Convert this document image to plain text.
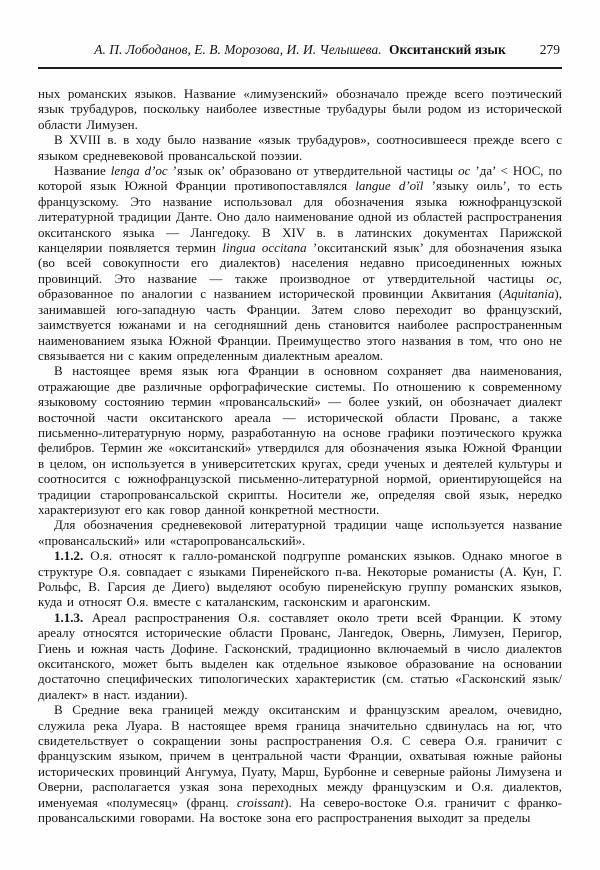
А. П. Лободанов, Е. В. Морозова, И. И. Челышева. Окситанский язык	279

ных романских языков. Название «лимузенский» обозначало прежде всего поэтический язык трубадуров, поскольку наиболее известные трубадуры были родом из исторической области Лимузен.

В XVIII в. в ходу было название «язык трубадуров», соотносившееся прежде всего с языком средневековой провансальской поэзии.

Название lenga d’oc ’язык ок’ образовано от утвердительной частицы oc ’да’ < HOC, по которой язык Южной Франции противопоставлялся langue d’oïl ’языку оиль’, то есть французскому. Это название использовал для обозначения языка южнофранцузской литературной традиции Данте. Оно дало наименование одной из областей распространения окситанского языка — Лангедоку. В XIV в. в латинских документах Парижской канцелярии появляется термин lingua occitana ’окситанский язык’ для обозначения языка (во всей совокупности его диалектов) населения недавно присоединенных южных провинций. Это название — также производное от утвердительной частицы oc, образованное по аналогии с названием исторической провинции Аквитания (Aquitania), занимавшей юго-западную часть Франции. Затем слово переходит во французский, заимствуется южанами и на сегодняшний день становится наиболее распространенным наименованием языка Южной Франции. Преимущество этого названия в том, что оно не связывается ни с каким определенным диалектным ареалом.

В настоящее время язык юга Франции в основном сохраняет два наименования, отражающие две различные орфографические системы. По отношению к современному языковому состоянию термин «провансальский» — более узкий, он обозначает диалект восточной части окситанского ареала — исторической области Прованс, а также письменно-литературную норму, разработанную на основе графики поэтического кружка фелибров. Термин же «окситанский» утвердился для обозначения языка Южной Франции в целом, он используется в университетских кругах, среди ученых и деятелей культуры и соотносится с южнофранцузской письменно-литературной нормой, ориентирующейся на традиции старопровансальской скрипты. Носители же, определяя свой язык, нередко характеризуют его как говор данной конкретной местности.

Для обозначения средневековой литературной традиции чаще используется название «провансальский» или «старопровансальский».

1.1.2. О.я. относят к галло-романской подгруппе романских языков. Однако многое в структуре О.я. совпадает с языками Пиренейского п-ва. Некоторые романисты (А. Кун, Г. Рольфс, В. Гарсия де Диего) выделяют особую пиренейскую группу романских языков, куда и относят О.я. вместе с каталанским, гасконским и арагонским.

1.1.3. Ареал распространения О.я. составляет около трети всей Франции. К этому ареалу относятся исторические области Прованс, Лангедок, Овернь, Лимузен, Перигор, Гиень и южная часть Дофине. Гасконский, традиционно включаемый в число диалектов окситанского, может быть выделен как отдельное языковое образование на основании достаточно специфических типологических характеристик (см. статью «Гасконский язык/диалект» в наст. издании).

В Средние века границей между окситанским и французским ареалом, очевидно, служила река Луара. В настоящее время граница значительно сдвинулась на юг, что свидетельствует о сокращении зоны распространения О.я. С севера О.я. граничит с французским языком, причем в центральной части Франции, охватывая южные районы исторических провинций Ангумуа, Пуату, Марш, Бурбонне и северные районы Лимузена и Оверни, располагается узкая зона переходных между французским и О.я. диалектов, именуемая «полумесяц» (франц. croissant). На северо-востоке О.я. граничит с франко-провансальскими говорами. На востоке зона его распространения выходит за пределы
